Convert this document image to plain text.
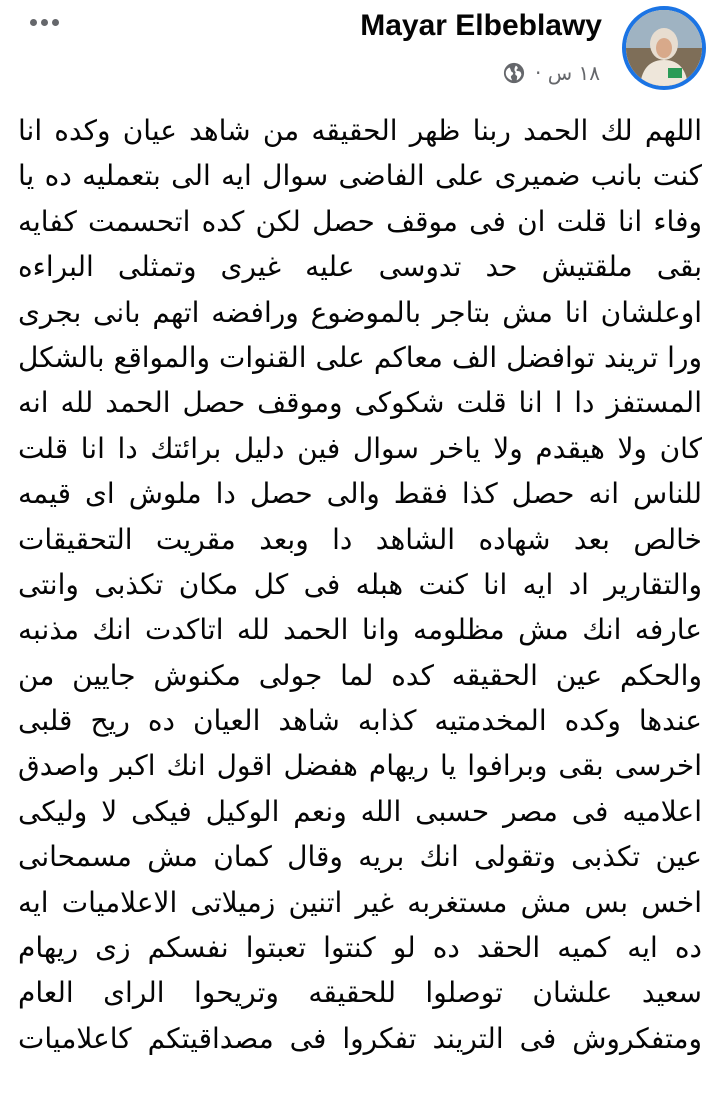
Mayar Elbeblawy
١٨ س ·
اللهم لك الحمد ربنا ظهر الحقيقه من شاهد عيان وكده انا
كنت بانب ضميرى على الفاضى سوال ايه الى بتعمليه ده يا
وفاء انا قلت ان فى موقف حصل لكن كده اتحسمت كفايه
بقى ملقتيش حد تدوسى عليه غيرى وتمثلى البراءه
اوعلشان انا مش بتاجر بالموضوع ورافضه اتهم بانى بجرى
ورا تريند توافضل الف معاكم على القنوات والمواقع بالشكل
المستفز دا ا انا قلت شكوكى وموقف حصل الحمد لله انه
كان ولا هيقدم ولا ياخر سوال فين دليل برائتك دا انا قلت
للناس انه حصل كذا فقط والى حصل دا ملوش اى قيمه
خالص بعد شهاده الشاهد دا وبعد مقريت التحقيقات
والتقارير اد ايه انا كنت هبله فى كل مكان تكذبى وانتى
عارفه انك مش مظلومه وانا الحمد لله اتاكدت انك مذنبه
والحكم عين الحقيقه كده لما جولى مكنوش جايين من
عندها وكده المخدمتيه كذابه شاهد العيان ده ريح قلبى
اخرسى بقى وبرافوا يا ريهام هفضل اقول انك اكبر واصدق
اعلاميه فى مصر حسبى الله ونعم الوكيل فيكى لا وليكى
عين تكذبى وتقولى انك بريه وقال كمان مش مسمحانى
اخس بس مش مستغربه غير اتنين زميلاتى الاعلاميات ايه
ده ايه كميه الحقد ده لو كنتوا تعبتوا نفسكم زى ريهام
سعيد علشان توصلوا للحقيقه وتريحوا الراى العام
ومتفكروش فى التريند تفكروا فى مصداقيتكم كاعلاميات
